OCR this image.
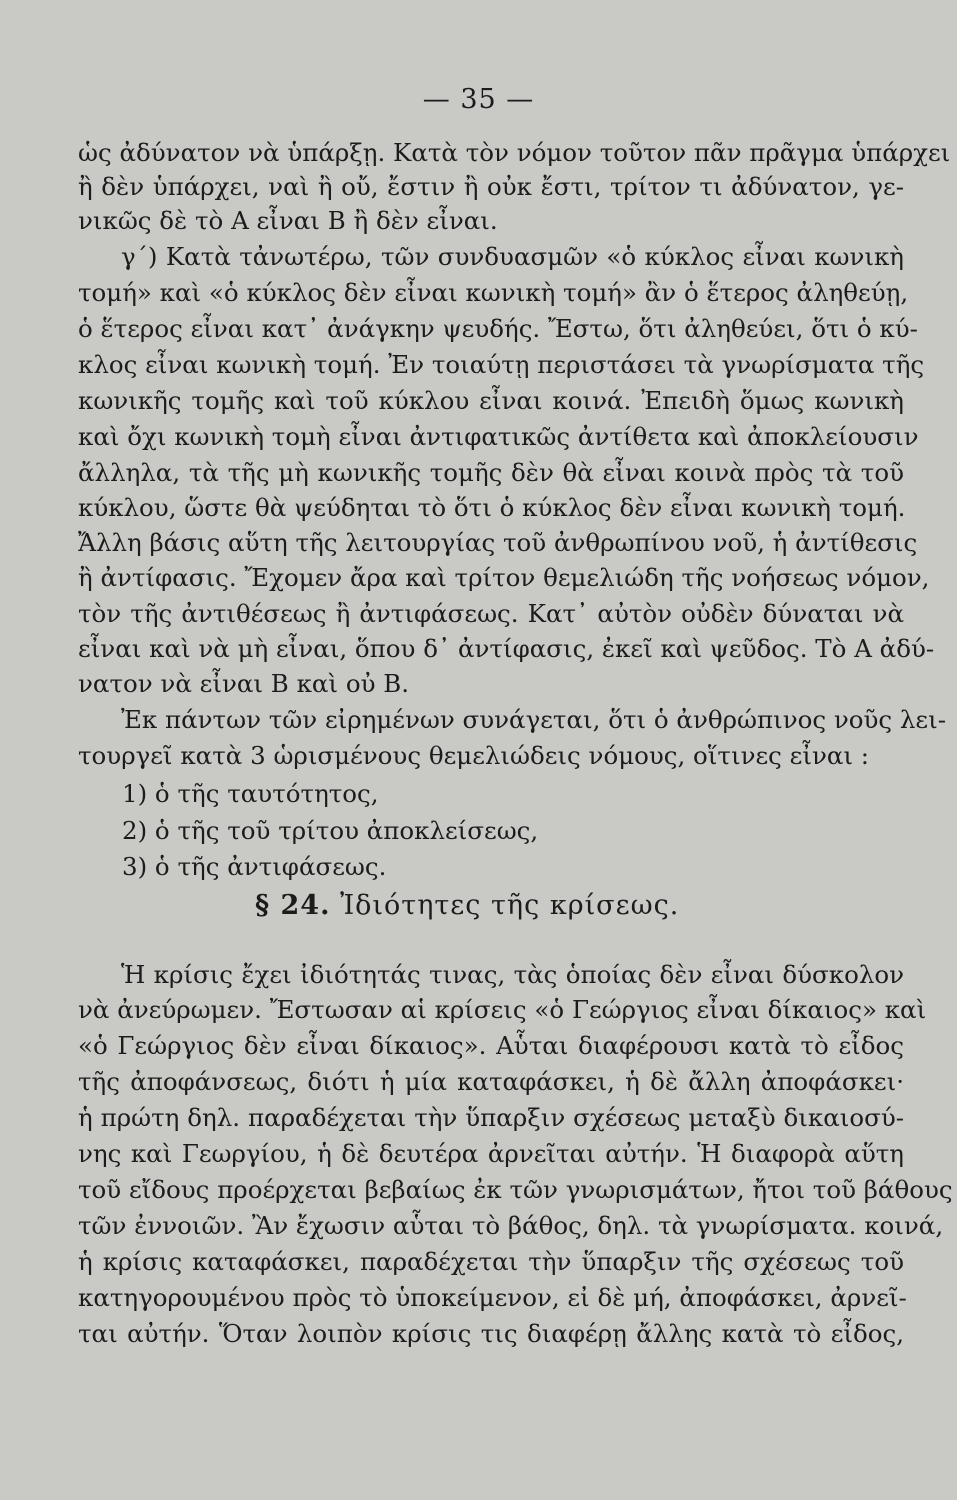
— 35 —
ὡς ἀδύνατον νὰ ὑπάρξῃ. Κατὰ τὸν νόμον τοῦτον πᾶν πρᾶγμα ὑπάρχει
ἢ δὲν ὑπάρχει, ναὶ ἢ οὔ, ἔστιν ἢ οὐκ ἔστι, τρίτον τι ἀδύνατον, γε-
νικῶς δὲ τὸ Α εἶναι Β ἢ δὲν εἶναι.
γ΄) Κατὰ τἀνωτέρω, τῶν συνδυασμῶν «ὁ κύκλος εἶναι κωνικὴ
τομή» καὶ «ὁ κύκλος δὲν εἶναι κωνικὴ τομή» ἂν ὁ ἕτερος ἀληθεύῃ,
ὁ ἕτερος εἶναι κατ᾿ ἀνάγκην ψευδής. Ἔστω, ὅτι ἀληθεύει, ὅτι ὁ κύ-
κλος εἶναι κωνικὴ τομή. Ἐν τοιαύτῃ περιστάσει τὰ γνωρίσματα τῆς
κωνικῆς τομῆς καὶ τοῦ κύκλου εἶναι κοινά. Ἐπειδὴ ὅμως κωνικὴ
καὶ ὄχι κωνικὴ τομὴ εἶναι ἀντιφατικῶς ἀντίθετα καὶ ἀποκλείουσιν
ἄλληλα, τὰ τῆς μὴ κωνικῆς τομῆς δὲν θὰ εἶναι κοινὰ πρὸς τὰ τοῦ
κύκλου, ὥστε θὰ ψεύδηται τὸ ὅτι ὁ κύκλος δὲν εἶναι κωνικὴ τομή.
Ἄλλη βάσις αὕτη τῆς λειτουργίας τοῦ ἀνθρωπίνου νοῦ, ἡ ἀντίθεσις
ἢ ἀντίφασις. Ἔχομεν ἄρα καὶ τρίτον θεμελιώδη τῆς νοήσεως νόμον,
τὸν τῆς ἀντιθέσεως ἢ ἀντιφάσεως. Κατ᾿ αὐτὸν οὐδὲν δύναται νὰ
εἶναι καὶ νὰ μὴ εἶναι, ὅπου δ᾿ ἀντίφασις, ἐκεῖ καὶ ψεῦδος. Τὸ Α ἀδύ-
νατον νὰ εἶναι Β καὶ οὐ Β.
Ἐκ πάντων τῶν εἰρημένων συνάγεται, ὅτι ὁ ἀνθρώπινος νοῦς λει-
τουργεῖ κατὰ 3 ὡρισμένους θεμελιώδεις νόμους, οἵτινες εἶναι :
1) ὁ τῆς ταυτότητος,
2) ὁ τῆς τοῦ τρίτου ἀποκλείσεως,
3) ὁ τῆς ἀντιφάσεως.
§ 24. Ἰδιότητες τῆς κρίσεως.
Ἡ κρίσις ἔχει ἰδιότητάς τινας, τὰς ὁποίας δὲν εἶναι δύσκολον
νὰ ἀνεύρωμεν. Ἔστωσαν αἱ κρίσεις «ὁ Γεώργιος εἶναι δίκαιος» καὶ
«ὁ Γεώργιος δὲν εἶναι δίκαιος». Αὗται διαφέρουσι κατὰ τὸ εἶδος
τῆς ἀποφάνσεως, διότι ἡ μία καταφάσκει, ἡ δὲ ἄλλη ἀποφάσκει·
ἡ πρώτη δηλ. παραδέχεται τὴν ὕπαρξιν σχέσεως μεταξὺ δικαιοσύ-
νης καὶ Γεωργίου, ἡ δὲ δευτέρα ἀρνεῖται αὐτήν. Ἡ διαφορὰ αὕτη
τοῦ εἴδους προέρχεται βεβαίως ἐκ τῶν γνωρισμάτων, ἤτοι τοῦ βάθους
τῶν ἐννοιῶν. Ἂν ἔχωσιν αὗται τὸ βάθος, δηλ. τὰ γνωρίσματα. κοινά,
ἡ κρίσις καταφάσκει, παραδέχεται τὴν ὕπαρξιν τῆς σχέσεως τοῦ
κατηγορουμένου πρὸς τὸ ὑποκείμενον, εἰ δὲ μή, ἀποφάσκει, ἀρνεῖ-
ται αὐτήν. Ὅταν λοιπὸν κρίσις τις διαφέρῃ ἄλλης κατὰ τὸ εἶδος,
